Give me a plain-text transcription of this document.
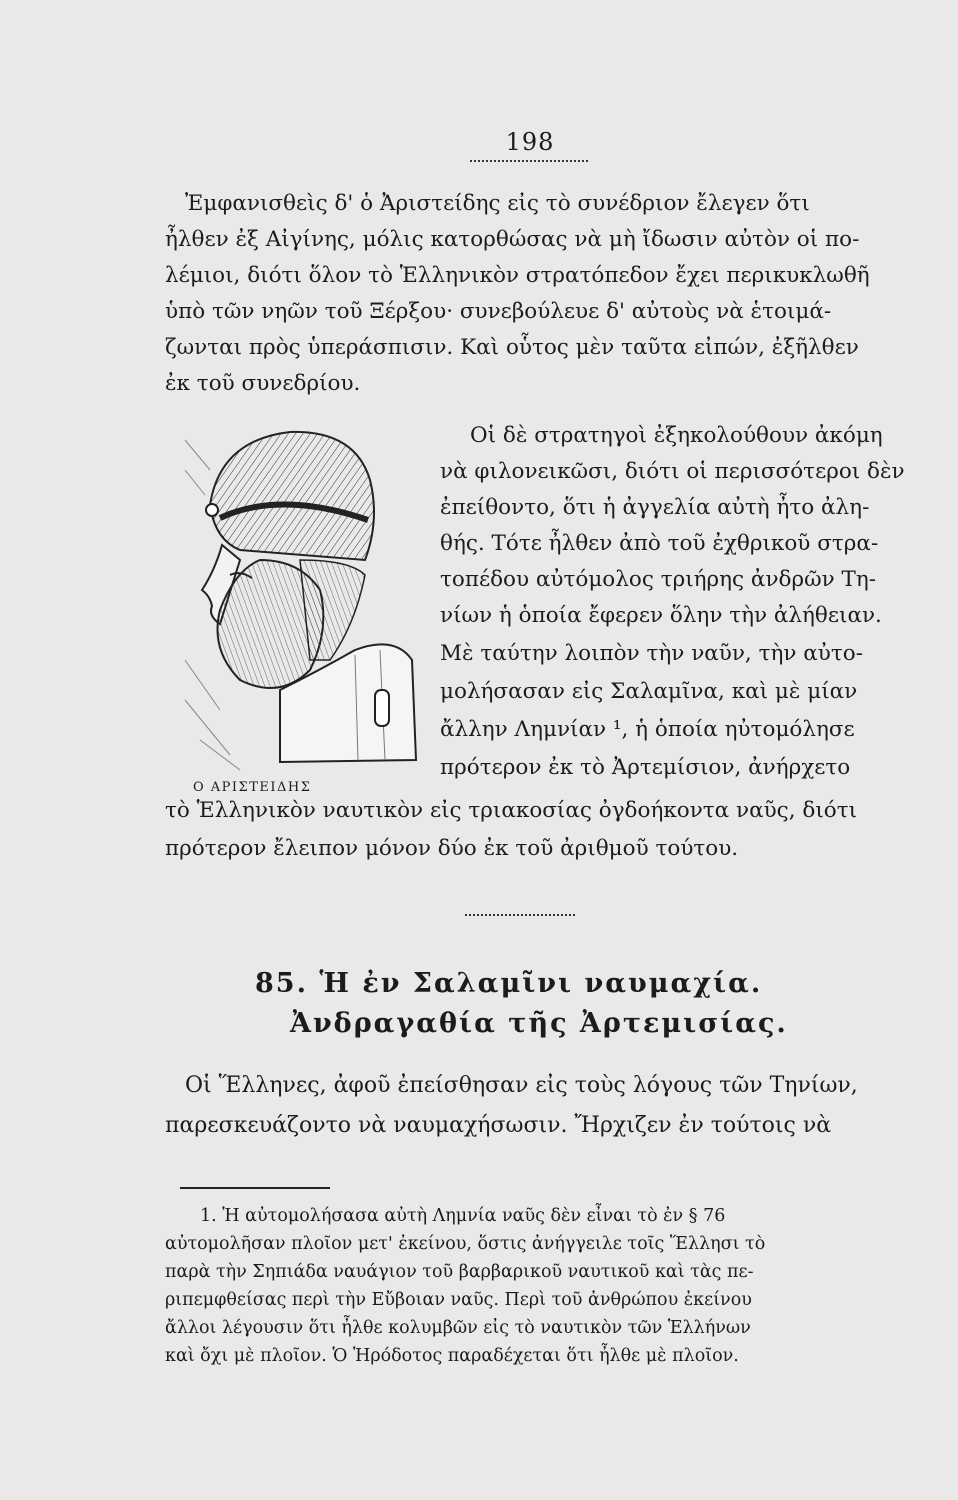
198
Ἐμφανισθεὶς δ' ὁ Ἀριστείδης εἰς τὸ συνέδριον ἔλεγεν ὅτι
ἦλθεν ἐξ Αἰγίνης, μόλις κατορθώσας νὰ μὴ ἴδωσιν αὐτὸν οἱ πο-
λέμιοι, διότι ὅλον τὸ Ἑλληνικὸν στρατόπεδον ἔχει περικυκλωθῆ
ὑπὸ τῶν νηῶν τοῦ Ξέρξου· συνεβούλευε δ' αὐτοὺς νὰ ἑτοιμά-
ζωνται πρὸς ὑπεράσπισιν. Καὶ οὗτος μὲν ταῦτα εἰπών, ἐξῆλθεν
ἐκ τοῦ συνεδρίου.
Ο ΑΡΙΣΤΕΙΔΗΣ
Οἱ δὲ στρατηγοὶ ἐξηκολούθουν ἀκόμη
νὰ φιλονεικῶσι, διότι οἱ περισσότεροι δὲν
ἐπείθοντο, ὅτι ἡ ἀγγελία αὐτὴ ἦτο ἀλη-
θής. Τότε ἦλθεν ἀπὸ τοῦ ἐχθρικοῦ στρα-
τοπέδου αὐτόμολος τριήρης ἀνδρῶν Τη-
νίων ἡ ὁποία ἔφερεν ὅλην τὴν ἀλήθειαν.
Μὲ ταύτην λοιπὸν τὴν ναῦν, τὴν αὐτο-
μολήσασαν εἰς Σαλαμῖνα, καὶ μὲ μίαν
ἄλλην Λημνίαν ¹, ἡ ὁποία ηὐτομόλησε
πρότερον ἐκ τὸ Ἀρτεμίσιον, ἀνήρχετο
τὸ Ἑλληνικὸν ναυτικὸν εἰς τριακοσίας ὀγδοήκοντα ναῦς, διότι
πρότερον ἔλειπον μόνον δύο ἐκ τοῦ ἀριθμοῦ τούτου.
85. Ἡ ἐν Σαλαμῖνι ναυμαχία.
Ἀνδραγαθία τῆς Ἀρτεμισίας.
Οἱ Ἕλληνες, ἀφοῦ ἐπείσθησαν εἰς τοὺς λόγους τῶν Τηνίων,
παρεσκευάζοντο νὰ ναυμαχήσωσιν. Ἤρχιζεν ἐν τούτοις νὰ
1. Ἡ αὐτομολήσασα αὐτὴ Λημνία ναῦς δὲν εἶναι τὸ ἐν § 76
αὐτομολῆσαν πλοῖον μετ' ἐκείνου, ὅστις ἀνήγγειλε τοῖς Ἕλλησι τὸ
παρὰ τὴν Σηπιάδα ναυάγιον τοῦ βαρβαρικοῦ ναυτικοῦ καὶ τὰς πε-
ριπεμφθείσας περὶ τὴν Εὔβοιαν ναῦς. Περὶ τοῦ ἀνθρώπου ἐκείνου
ἄλλοι λέγουσιν ὅτι ἦλθε κολυμβῶν εἰς τὸ ναυτικὸν τῶν Ἑλλήνων
καὶ ὄχι μὲ πλοῖον. Ὁ Ἡρόδοτος παραδέχεται ὅτι ἦλθε μὲ πλοῖον.
